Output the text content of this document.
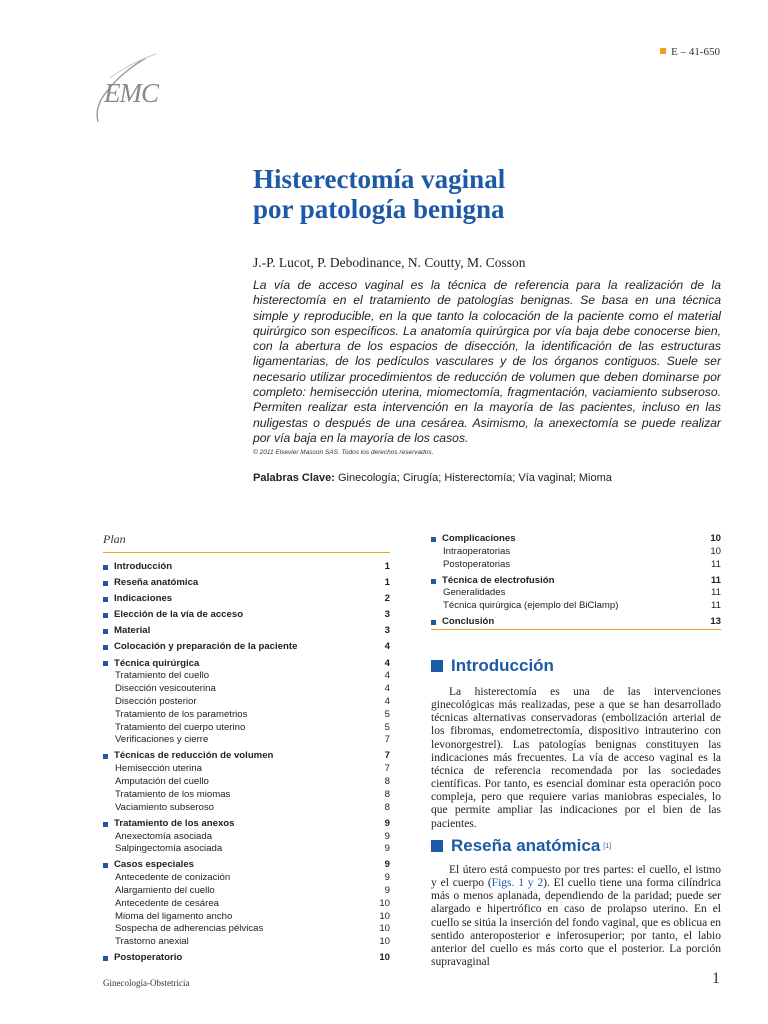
EMC
E – 41-650
Histerectomía vaginal
por patología benigna
J.-P. Lucot, P. Debodinance, N. Coutty, M. Cosson

La vía de acceso vaginal es la técnica de referencia para la realización de la histerectomía en el tratamiento de patologías benignas. Se basa en una técnica simple y reproducible, en la que tanto la colocación de la paciente como el material quirúrgico son específicos. La anatomía quirúrgica por vía baja debe conocerse bien, con la abertura de los espacios de disección, la identificación de las estructuras ligamentarias, de los pedículos vasculares y de los órganos contiguos. Suele ser necesario utilizar procedimientos de reducción de volumen que deben dominarse por completo: hemisección uterina, miomectomía, fragmentación, vaciamiento subseroso. Permiten realizar esta intervención en la mayoría de las pacientes, incluso en las nuligestas o después de una cesárea. Asimismo, la anexectomía se puede realizar por vía baja en la mayoría de los casos.

© 2011 Elsevier Masson SAS. Todos los derechos reservados.
Palabras Clave: Ginecología; Cirugía; Histerectomía; Vía vaginal; Mioma
Plan
Introducción	1
Reseña anatómica	1
Indicaciones	2
Elección de la vía de acceso	3
Material	3
Colocación y preparación de la paciente	4
Técnica quirúrgica	4
Tratamiento del cuello	4
Disección vesicouterina	4
Disección posterior	4
Tratamiento de los parametrios	5
Tratamiento del cuerpo uterino	5
Verificaciones y cierre	7
Técnicas de reducción de volumen	7
Hemisección uterina	7
Amputación del cuello	8
Tratamiento de los miomas	8
Vaciamiento subseroso	8
Tratamiento de los anexos	9
Anexectomía asociada	9
Salpingectomía asociada	9
Casos especiales	9
Antecedente de conización	9
Alargamiento del cuello	9
Antecedente de cesárea	10
Mioma del ligamento ancho	10
Sospecha de adherencias pélvicas	10
Trastorno anexial	10
Postoperatorio	10
Complicaciones	10
Intraoperatorias	10
Postoperatorias	11
Técnica de electrofusión	11
Generalidades	11
Técnica quirúrgica (ejemplo del BiClamp)	11
Conclusión	13
Introducción

La histerectomía es una de las intervenciones ginecológicas más realizadas, pese a que se han desarrollado técnicas alternativas conservadoras (embolización arterial de los fibromas, endometrectomía, dispositivo intrauterino con levonorgestrel). Las patologías benignas constituyen las indicaciones más frecuentes. La vía de acceso vaginal es la técnica de referencia recomendada por las sociedades científicas. Por tanto, es esencial dominar esta operación poco compleja, pero que requiere varias maniobras especiales, lo que permite ampliar las indicaciones por el bien de las pacientes.

Reseña anatómica [1]

El útero está compuesto por tres partes: el cuello, el istmo y el cuerpo (Figs. 1 y 2). El cuello tiene una forma cilíndrica más o menos aplanada, dependiendo de la paridad; puede ser alargado e hipertrófico en caso de prolapso uterino. En el cuello se sitúa la inserción del fondo vaginal, que es oblicua en sentido anteroposterior e inferosuperior; por tanto, el labio anterior del cuello es más corto que el posterior. La porción supravaginal

Ginecología-Obstetricia	1
